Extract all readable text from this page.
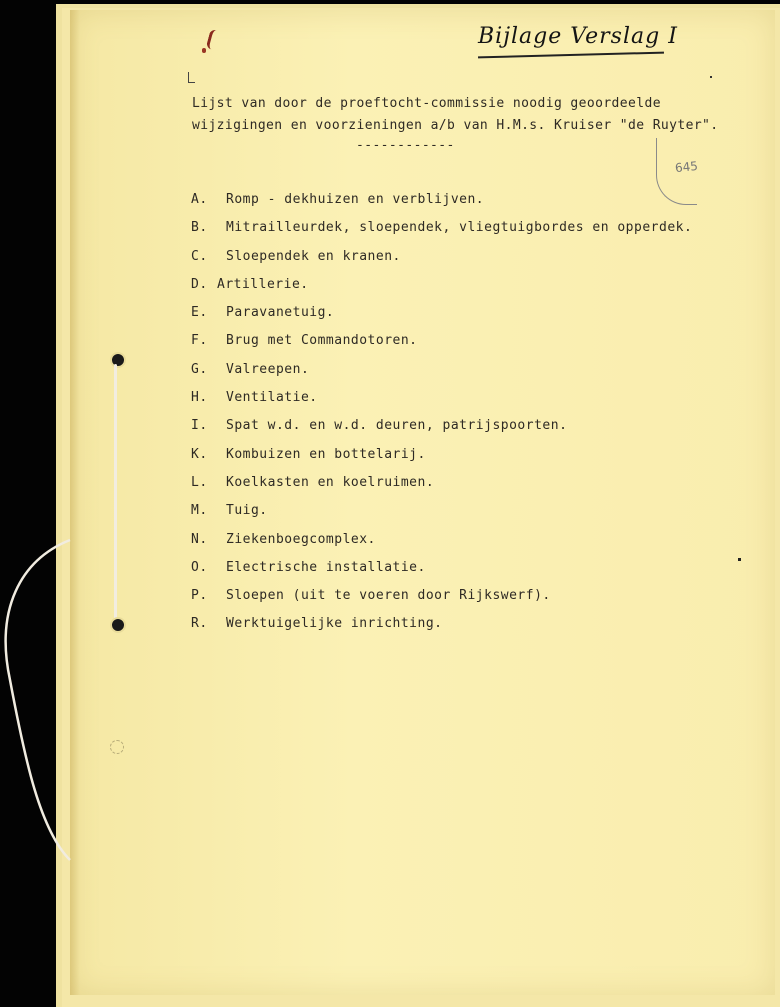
Bijlage Verslag I
645
Lijst van door de proeftocht-commissie noodig geoordeelde
wijzigingen en voorzieningen a/b van H.M.s. Kruiser "de Ruyter".
------------
A. Romp - dekhuizen en verblijven.
B. Mitrailleurdek, sloependek, vliegtuigbordes en opperdek.
C. Sloependek en kranen.
D. Artillerie.
E. Paravanetuig.
F. Brug met Commandotoren.
G. Valreepen.
H. Ventilatie.
I. Spat w.d. en w.d. deuren, patrijspoorten.
K. Kombuizen en bottelarij.
L. Koelkasten en koelruimen.
M. Tuig.
N. Ziekenboegcomplex.
O. Electrische installatie.
P. Sloepen (uit te voeren door Rijkswerf).
R. Werktuigelijke inrichting.
